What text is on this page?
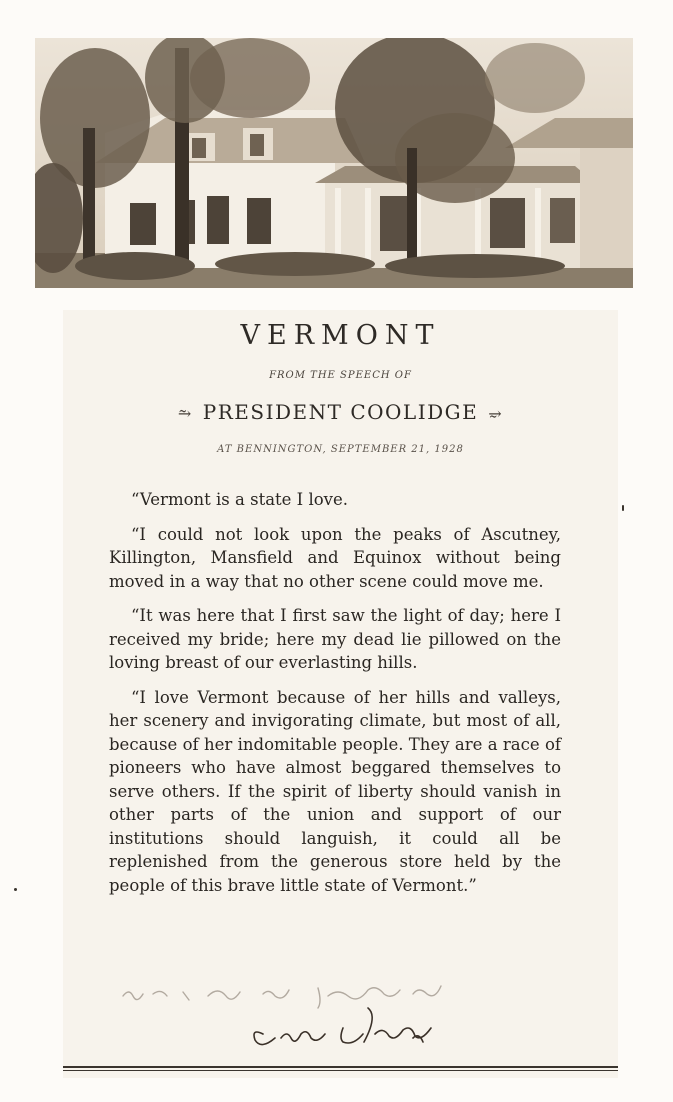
VERMONT
FROM THE SPEECH OF
⥲ PRESIDENT COOLIDGE ⥴
AT BENNINGTON, SEPTEMBER 21, 1928

“Vermont is a state I love.

“I could not look upon the peaks of Ascutney, Killington, Mansfield and Equinox without being moved in a way that no other scene could move me.

“It was here that I first saw the light of day; here I received my bride; here my dead lie pillowed on the loving breast of our everlasting hills.

“I love Vermont because of her hills and valleys, her scenery and invigorating climate, but most of all, because of her indomitable people. They are a race of pioneers who have almost beggared themselves to serve others. If the spirit of liberty should vanish in other parts of the union and support of our institutions should languish, it could all be replenished from the generous store held by the people of this brave little state of Vermont.”
